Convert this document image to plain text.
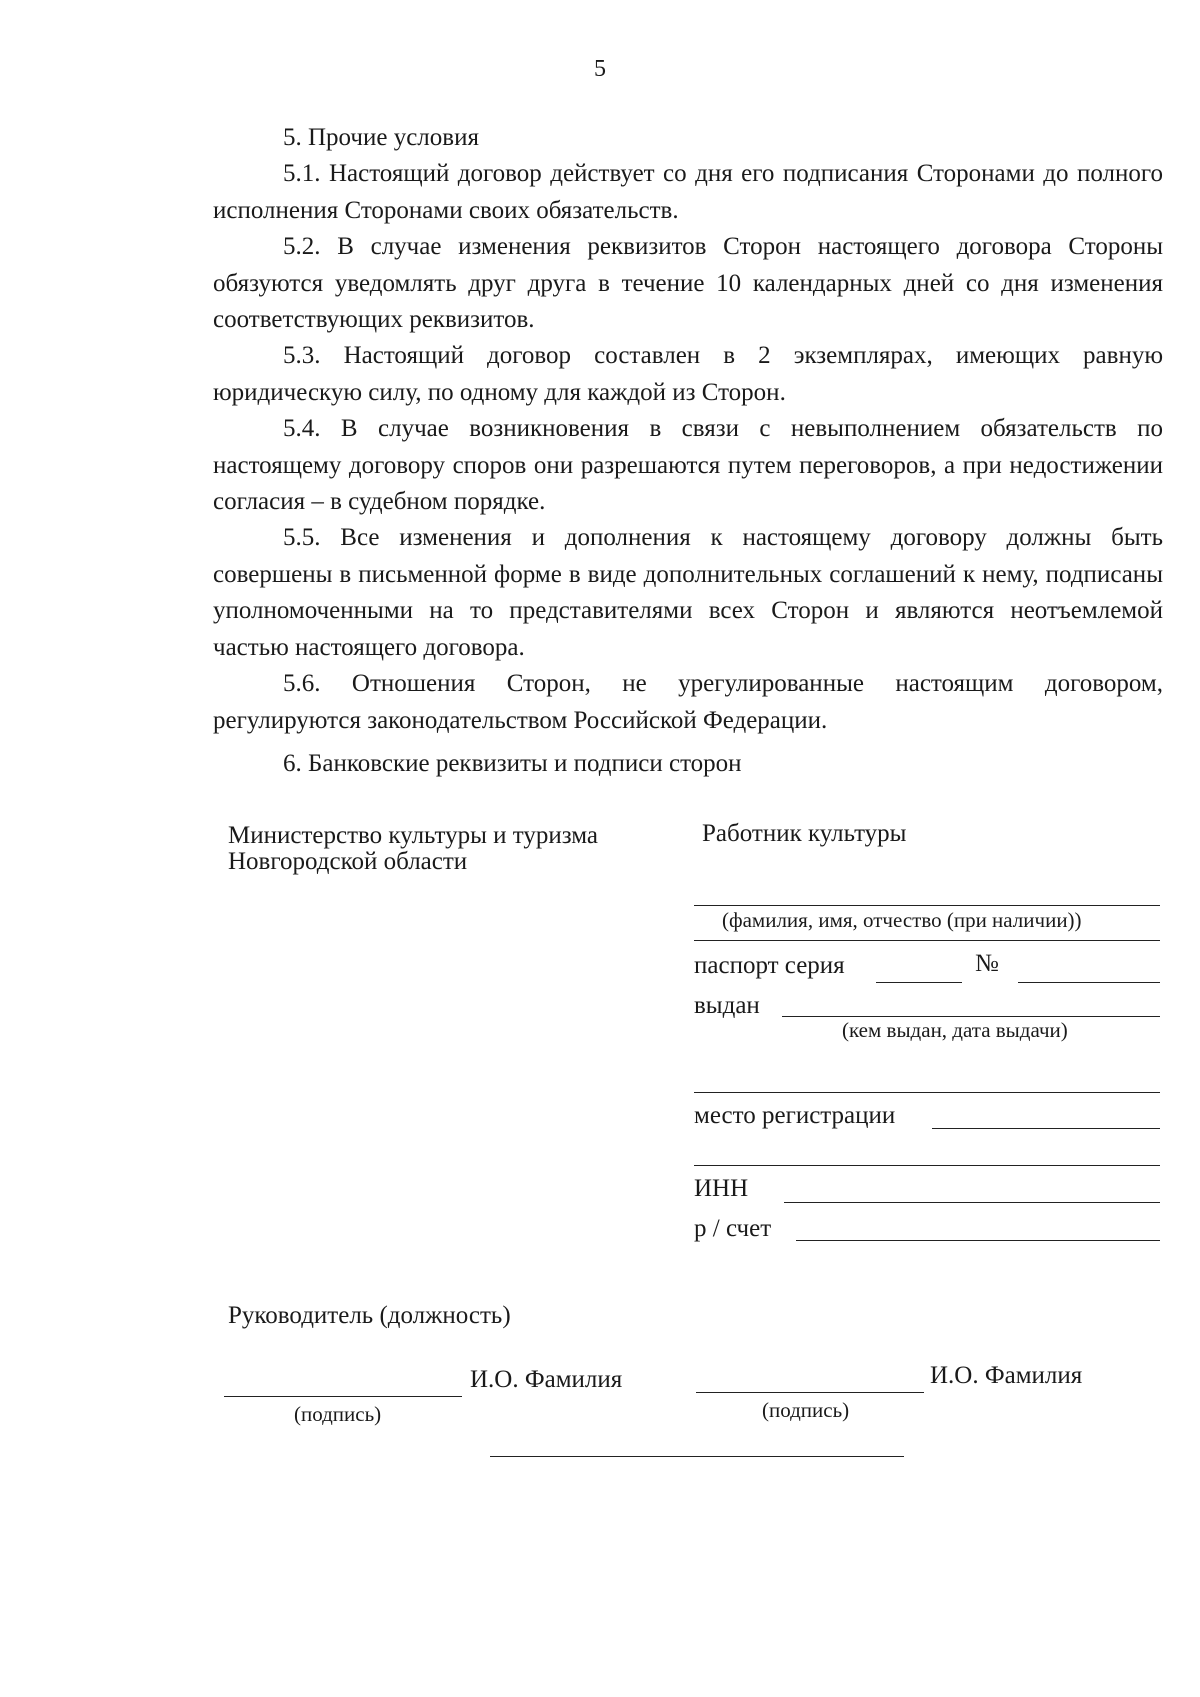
5

5. Прочие условия

5.1. Настоящий договор действует со дня его подписания Сторонами до полного исполнения Сторонами своих обязательств.

5.2. В случае изменения реквизитов Сторон настоящего договора Стороны обязуются уведомлять друг друга в течение 10 календарных дней со дня изменения соответствующих реквизитов.

5.3. Настоящий договор составлен в 2 экземплярах, имеющих равную юридическую силу, по одному для каждой из Сторон.

5.4. В случае возникновения в связи с невыполнением обязательств по настоящему договору споров они разрешаются путем переговоров, а при недостижении согласия – в судебном порядке.

5.5. Все изменения и дополнения к настоящему договору должны быть совершены в письменной форме в виде дополнительных соглашений к нему, подписаны уполномоченными на то представителями всех Сторон и являются неотъемлемой частью настоящего договора.

5.6. Отношения Сторон, не урегулированные настоящим договором, регулируются законодательством Российской Федерации.

6. Банковские реквизиты и подписи сторон
Министерство культуры и туризма
Новгородской области
Работник культуры
(фамилия, имя, отчество (при наличии))
паспорт серия	№
выдан
(кем выдан, дата выдачи)
место регистрации
ИНН
р / счет
Руководитель (должность)
И.О. Фамилия
(подпись)
И.О. Фамилия
(подпись)
